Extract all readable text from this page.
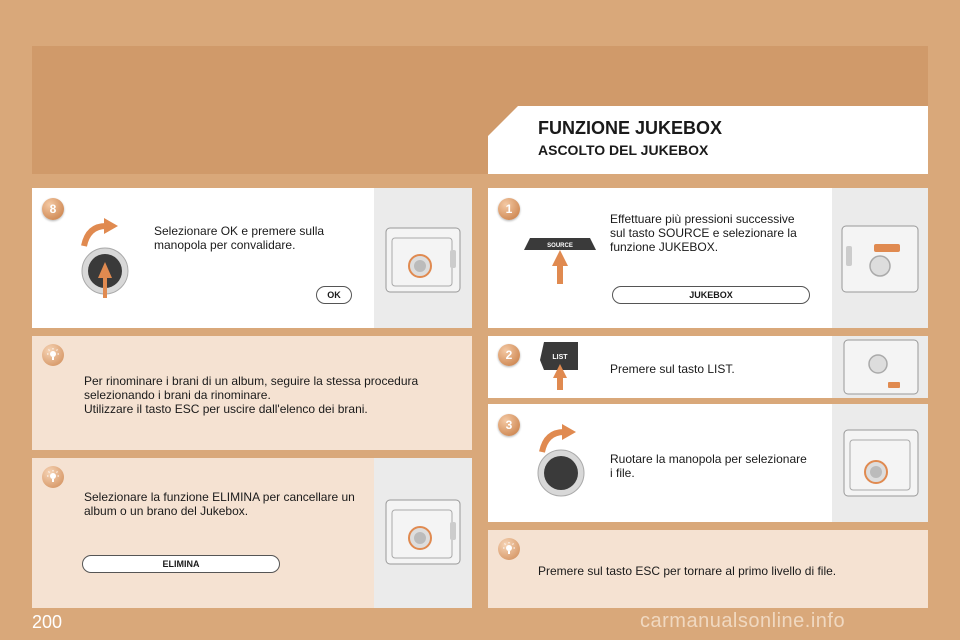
FUNZIONE JUKEBOX
ASCOLTO DEL JUKEBOX
8
Selezionare OK e premere sulla
manopola per convalidare.
OK
Per rinominare i brani di un album, seguire la stessa procedura
selezionando i brani da rinominare.
Utilizzare il tasto ESC per uscire dall'elenco dei brani.
Selezionare la funzione ELIMINA per cancellare un
album o un brano del Jukebox.
ELIMINA
1
SOURCE
Effettuare più pressioni successive
sul tasto SOURCE e selezionare la
funzione JUKEBOX.
JUKEBOX
2	LIST
Premere sul tasto LIST.
3
Ruotare la manopola per selezionare
i file.
Premere sul tasto ESC per tornare al primo livello di file.
200	carmanualsonline.info
